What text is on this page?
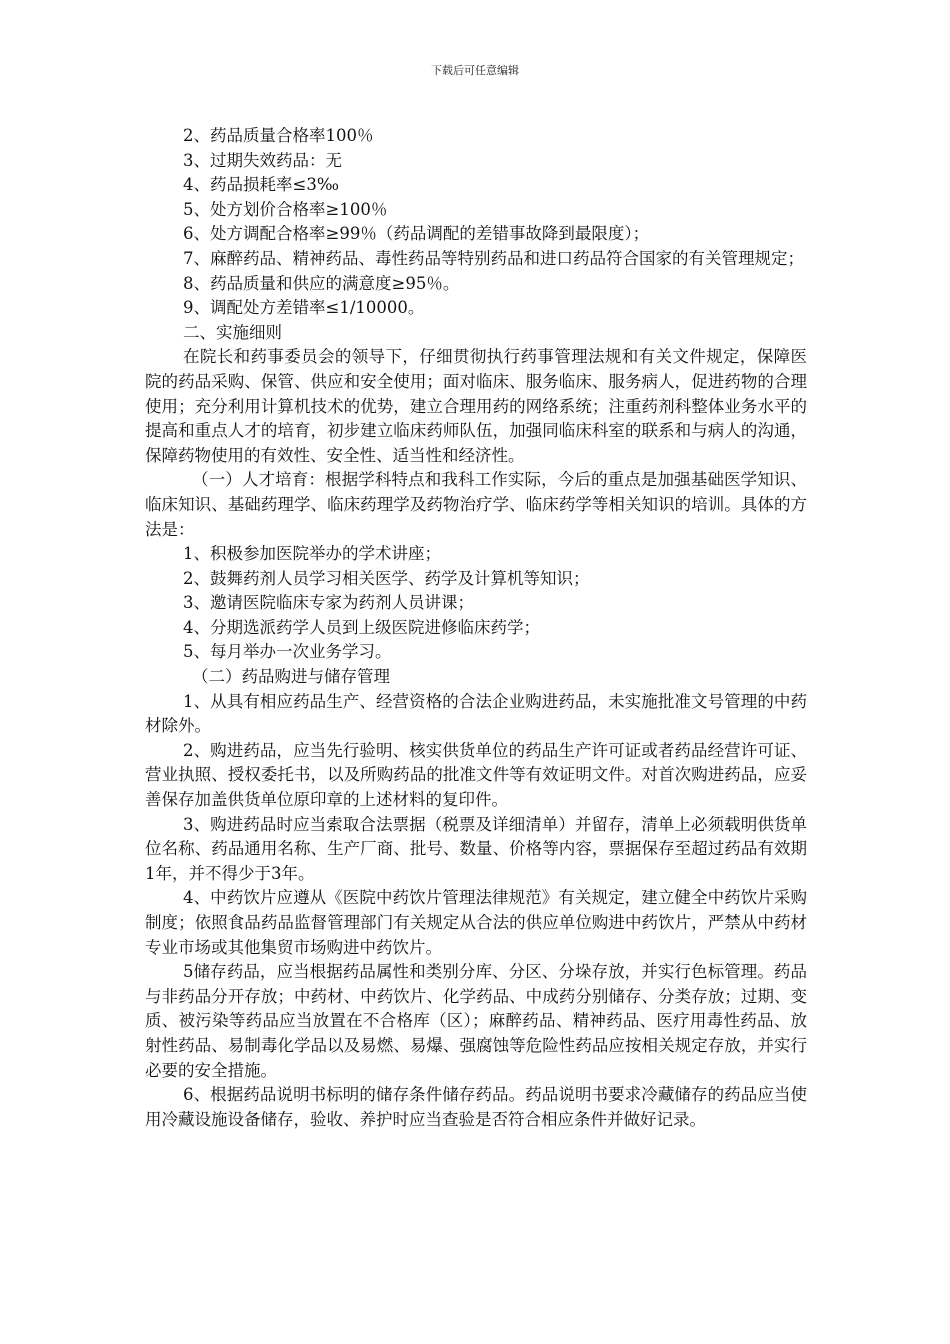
下载后可任意编辑

2、药品质量合格率100％

3、过期失效药品：无

4、药品损耗率≤3‰

5、处方划价合格率≥100％

6、处方调配合格率≥99％（药品调配的差错事故降到最限度）；

7、麻醉药品、精神药品、毒性药品等特别药品和进口药品符合国家的有关管理规定；

8、药品质量和供应的满意度≥95％。

9、调配处方差错率≤1/10000。

二、实施细则

在院长和药事委员会的领导下，仔细贯彻执行药事管理法规和有关文件规定，保障医院的药品采购、保管、供应和安全使用；面对临床、服务临床、服务病人，促进药物的合理使用；充分利用计算机技术的优势，建立合理用药的网络系统；注重药剂科整体业务水平的提高和重点人才的培育，初步建立临床药师队伍，加强同临床科室的联系和与病人的沟通，保障药物使用的有效性、安全性、适当性和经济性。

（一）人才培育：根据学科特点和我科工作实际，今后的重点是加强基础医学知识、临床知识、基础药理学、临床药理学及药物治疗学、临床药学等相关知识的培训。具体的方法是：

1、积极参加医院举办的学术讲座；

2、鼓舞药剂人员学习相关医学、药学及计算机等知识；

3、邀请医院临床专家为药剂人员讲课；

4、分期选派药学人员到上级医院进修临床药学；

5、每月举办一次业务学习。

（二）药品购进与储存管理

1、从具有相应药品生产、经营资格的合法企业购进药品，未实施批准文号管理的中药材除外。

2、购进药品，应当先行验明、核实供货单位的药品生产许可证或者药品经营许可证、营业执照、授权委托书，以及所购药品的批准文件等有效证明文件。对首次购进药品，应妥善保存加盖供货单位原印章的上述材料的复印件。

3、购进药品时应当索取合法票据（税票及详细清单）并留存，清单上必须载明供货单位名称、药品通用名称、生产厂商、批号、数量、价格等内容，票据保存至超过药品有效期1年，并不得少于3年。

4、中药饮片应遵从《医院中药饮片管理法律规范》有关规定，建立健全中药饮片采购制度；依照食品药品监督管理部门有关规定从合法的供应单位购进中药饮片，严禁从中药材专业市场或其他集贸市场购进中药饮片。

5储存药品，应当根据药品属性和类别分库、分区、分垛存放，并实行色标管理。药品与非药品分开存放；中药材、中药饮片、化学药品、中成药分别储存、分类存放；过期、变质、被污染等药品应当放置在不合格库（区）；麻醉药品、精神药品、医疗用毒性药品、放射性药品、易制毒化学品以及易燃、易爆、强腐蚀等危险性药品应按相关规定存放，并实行必要的安全措施。

6、根据药品说明书标明的储存条件储存药品。药品说明书要求冷藏储存的药品应当使用冷藏设施设备储存，验收、养护时应当查验是否符合相应条件并做好记录。
